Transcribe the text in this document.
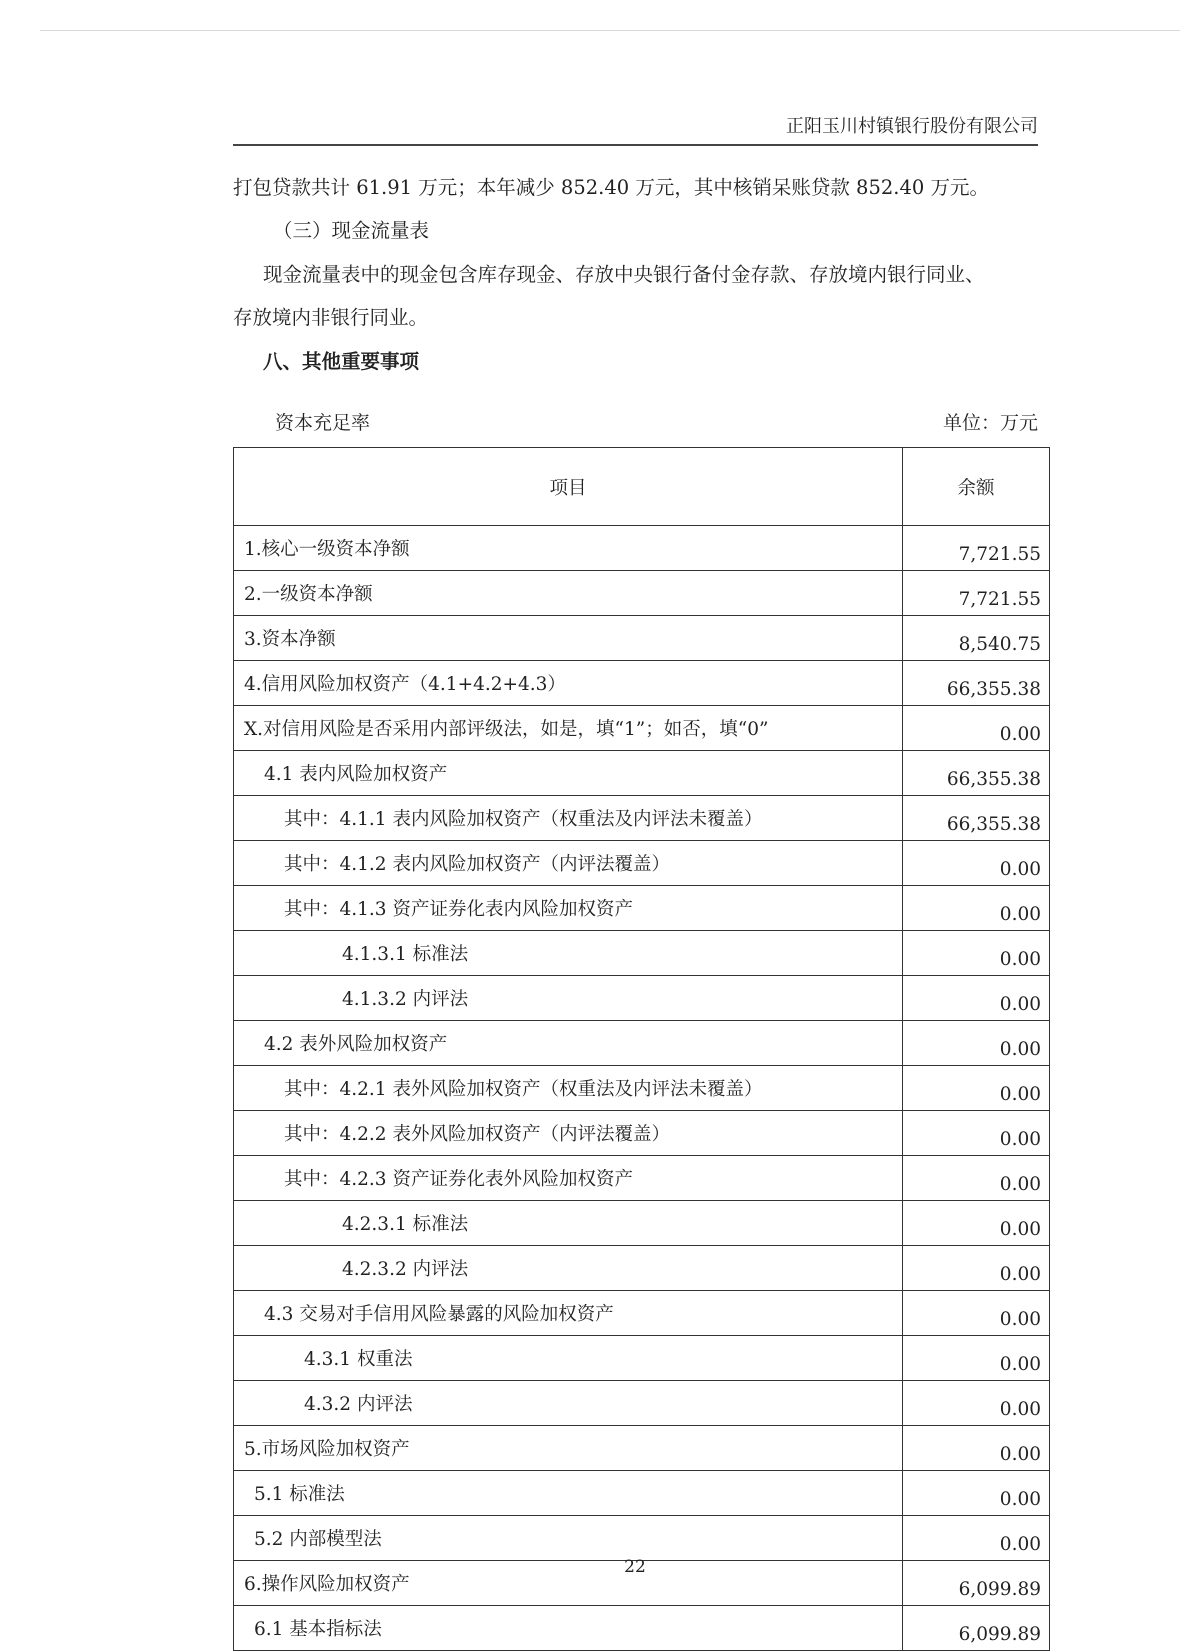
正阳玉川村镇银行股份有限公司
打包贷款共计 61.91 万元；本年减少 852.40 万元，其中核销呆账贷款 852.40 万元。
（三）现金流量表
现金流量表中的现金包含库存现金、存放中央银行备付金存款、存放境内银行同业、
存放境内非银行同业。
八、其他重要事项
资本充足率	单位：万元
项目	余额
1.核心一级资本净额	7,721.55
2.一级资本净额	7,721.55
3.资本净额	8,540.75
4.信用风险加权资产（4.1+4.2+4.3）	66,355.38
X.对信用风险是否采用内部评级法，如是，填“1”；如否，填“0”	0.00
4.1 表内风险加权资产	66,355.38
其中：4.1.1 表内风险加权资产（权重法及内评法未覆盖）	66,355.38
其中：4.1.2 表内风险加权资产（内评法覆盖）	0.00
其中：4.1.3 资产证券化表内风险加权资产	0.00
4.1.3.1 标准法	0.00
4.1.3.2 内评法	0.00
4.2 表外风险加权资产	0.00
其中：4.2.1 表外风险加权资产（权重法及内评法未覆盖）	0.00
其中：4.2.2 表外风险加权资产（内评法覆盖）	0.00
其中：4.2.3 资产证券化表外风险加权资产	0.00
4.2.3.1 标准法	0.00
4.2.3.2 内评法	0.00
4.3 交易对手信用风险暴露的风险加权资产	0.00
4.3.1 权重法	0.00
4.3.2 内评法	0.00
5.市场风险加权资产	0.00
5.1 标准法	0.00
5.2 内部模型法	0.00
6.操作风险加权资产	6,099.89
6.1 基本指标法	6,099.89
22
